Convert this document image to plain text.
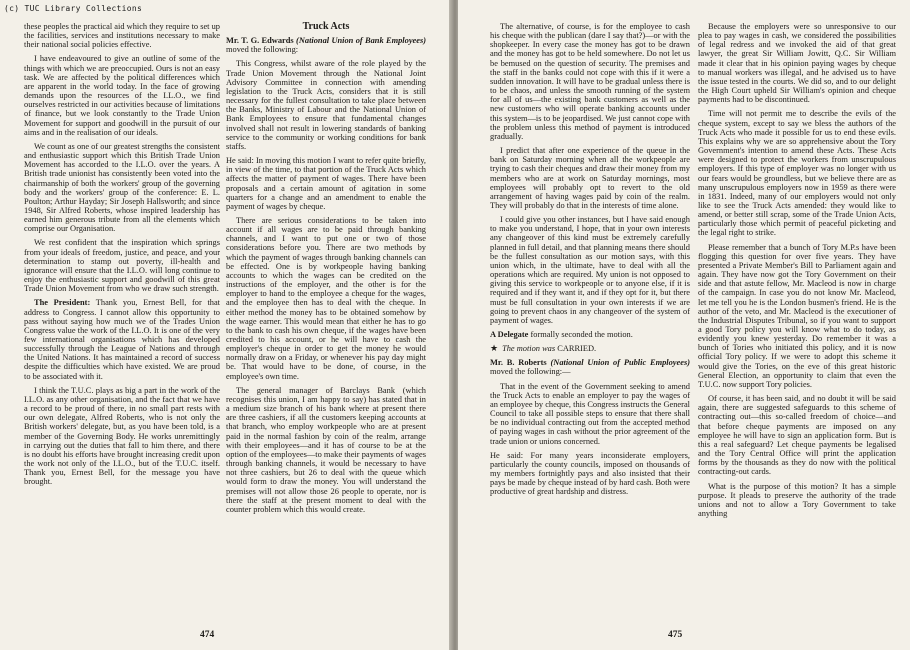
these peoples the practical aid which they require to set up the facilities, services and institutions necessary to make their national social policies effective.

I have endeavoured to give an outline of some of the things with which we are preoccupied. Ours is not an easy task. We are affected by the political differences which are apparent in the world today. In the face of growing demands upon the resources of the I.L.O., we find ourselves restricted in our activities because of limitations of finance, but we look constantly to the Trade Union Movement for support and goodwill in the pursuit of our aims and in the realisation of our ideals.

We count as one of our greatest strengths the consistent and enthusiastic support which this British Trade Union Movement has accorded to the I.L.O. over the years. A British trade unionist has consistently been voted into the chairmanship of both the workers' group of the governing body and the workers' group of the conference: E. L. Poulton; Arthur Hayday; Sir Joseph Hallsworth; and since 1948, Sir Alfred Roberts, whose inspired leadership has earned him generous tribute from all the elements which comprise our Organisation.

We rest confident that the inspiration which springs from your ideals of freedom, justice, and peace, and your determination to stamp out poverty, ill-health and ignorance will ensure that the I.L.O. will long continue to enjoy the enthusiastic support and goodwill of this great Trade Union Movement from who we draw such strength.

The President: Thank you, Ernest Bell, for that address to Congress. I cannot allow this opportunity to pass without saying how much we of the Trades Union Congress value the work of the I.L.O. It is one of the very few international organisations which has developed successfully through the League of Nations and through the United Nations. It has maintained a record of success despite the difficulties which have existed. We are proud to be associated with it.

I think the T.U.C. plays as big a part in the work of the I.L.O. as any other organisation, and the fact that we have a record to be proud of there, in no small part rests with our own delegate, Alfred Roberts, who is not only the British workers' delegate, but, as you have been told, is a member of the Governing Body. He works unremittingly in carrying out the duties that fall to him there, and there is no doubt his efforts have brought increasing credit upon the work not only of the I.L.O., but of the T.U.C. itself. Thank you, Ernest Bell, for the message you have brought.

Truck Acts

Mr. T. G. Edwards (National Union of Bank Employees) moved the following:

This Congress, whilst aware of the role played by the Trade Union Movement through the National Joint Advisory Committee in connection with amending legislation to the Truck Acts, considers that it is still necessary for the fullest consultation to take place between the Banks, Ministry of Labour and the National Union of Bank Employees to ensure that fundamental changes involved shall not result in lowering standards of banking service to the community or working conditions for bank staffs.

He said: In moving this motion I want to refer quite briefly, in view of the time, to that portion of the Truck Acts which affects the matter of payment of wages. There have been proposals and a certain amount of agitation in some quarters for a change and an amendment to enable the payment of wages by cheque.

There are serious considerations to be taken into account if all wages are to be paid through banking channels, and I want to put one or two of those considerations before you. There are two methods by which the payment of wages through banking channels can be effected. One is by workpeople having banking accounts to which the wages can be credited on the instructions of the employer, and the other is for the employer to hand to the employee a cheque for the wages, and the employee then has to deal with the cheque. In either method the money has to be obtained somehow by the wage earner. This would mean that either he has to go to the bank to cash his own cheque, if the wages have been credited to his account, or he will have to cash the employer's cheque in order to get the money he would normally draw on a Friday, or whenever his pay day might be. That would have to be done, of course, in the employee's own time.

The general manager of Barclays Bank (which recognises this union, I am happy to say) has stated that in a medium size branch of his bank where at present there are three cashiers, if all the customers keeping accounts at that branch, who employ workpeople who are at present paid in the normal fashion by coin of the realm, arrange with their employees—and it has of course to be at the option of the employees—to make their payments of wages through banking channels, it would be necessary to have not three cashiers, but 26 to deal with the queue which would form to draw the money. You will understand the premises will not allow those 26 people to operate, nor is there the staff at the present moment to deal with the counter problem which this would create.

474

The alternative, of course, is for the employee to cash his cheque with the publican (dare I say that?)—or with the shopkeeper. In every case the money has got to be drawn and the money has got to be held somewhere. Do not let us be bemused on the question of security. The premises and the staff in the banks could not cope with this if it were a sudden innovation. It will have to be gradual unless there is to be chaos, and unless the smooth running of the system for all of us—the existing bank customers as well as the new customers who will operate banking accounts under this system—is to be jeopardised. We just cannot cope with the problem unless this method of payment is introduced gradually.

I predict that after one experience of the queue in the bank on Saturday morning when all the workpeople are trying to cash their cheques and draw their money from my members who are at work on Saturday mornings, most employees will probably opt to revert to the old arrangement of having wages paid by coin of the realm. They will probably do that in the interests of time alone.

I could give you other instances, but I have said enough to make you understand, I hope, that in your own interests any changeover of this kind must be extremely carefully planned in full detail, and that planning means there should be the fullest consultation as our motion says, with this union which, in the ultimate, have to deal with all the operations which are required. My union is not opposed to giving this service to workpeople or to anyone else, if it is required and if they want it, and if they opt for it, but there must be full consultation in your own interests if we are going to prevent chaos in any changeover of the system of payment of wages.

A Delegate formally seconded the motion.

★ The motion was CARRIED.

Mr. B. Roberts (National Union of Public Employees) moved the following:—

That in the event of the Government seeking to amend the Truck Acts to enable an employer to pay the wages of an employee by cheque, this Congress instructs the General Council to take all possible steps to ensure that there shall be no individual contracting out from the accepted method of paying wages in cash without the prior agreement of the trade union or unions concerned.

He said: For many years inconsiderate employers, particularly the county councils, imposed on thousands of my members fortnightly pays and also insisted that their pays be made by cheque instead of by hard cash. Both were productive of great hardship and distress.

Because the employers were so unresponsive to our plea to pay wages in cash, we considered the possibilities of legal redress and we invoked the aid of that great lawyer, the great Sir William Jowitt, Q.C. Sir William made it clear that in his opinion paying wages by cheque to manual workers was illegal, and he advised us to have the issue tested in the courts. We did so, and to our delight the High Court upheld Sir William's opinion and cheque payments had to be discontinued.

Time will not permit me to describe the evils of the cheque system, except to say we bless the authors of the Truck Acts who made it possible for us to end these evils. This explains why we are so apprehensive about the Tory Government's intention to amend these Acts. These Acts were designed to protect the workers from unscrupulous employers. If this type of employer was no longer with us our fears would be groundless, but we believe there are as many unscrupulous employers now in 1959 as there were in 1831. Indeed, many of our employers would not only like to see the Truck Acts amended: they would like to amend, or better still scrap, some of the Trade Union Acts, particularly those which permit of peaceful picketing and the legal right to strike.

Please remember that a bunch of Tory M.P.s have been flogging this question for over five years. They have presented a Private Member's Bill to Parliament again and again. They have now got the Tory Government on their side and that astute fellow, Mr. Macleod is now in charge of the campaign. In case you do not know Mr. Macleod, let me tell you he is the London busmen's friend. He is the author of the veto, and Mr. Macleod is the executioner of the Industrial Disputes Tribunal, so if you want to support a good Tory policy you will know what to do today, as evidently you knew yesterday. Do remember it was a bunch of Tories who initiated this policy, and it is now official Tory policy. If we were to adopt this scheme it would give the Tories, on the eve of this great historic General Election, an opportunity to claim that even the T.U.C. now support Tory policies.

Of course, it has been said, and no doubt it will be said again, there are suggested safeguards to this scheme of contracting out—this so-called freedom of choice—and that before cheque payments are imposed on any employee he will have to sign an application form. But is this a real safeguard? Let cheque payments be legalised and the Tory Central Office will print the application forms by the thousands as they do now with the political contracting-out cards.

What is the purpose of this motion? It has a simple purpose. It pleads to preserve the authority of the trade unions and not to allow a Tory Government to take anything

475
(c) TUC Library Collections
